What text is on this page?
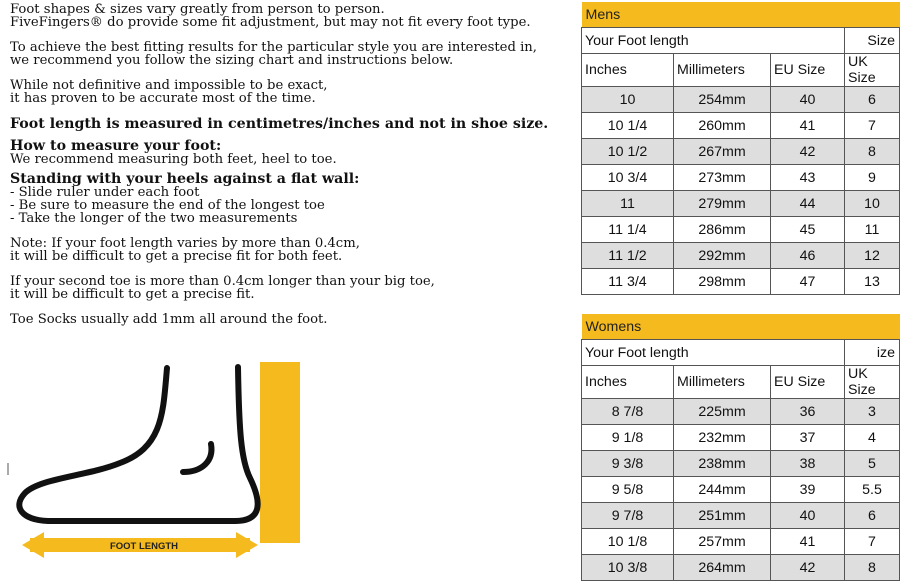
Foot shapes & sizes vary greatly from person to person.

FiveFingers® do provide some fit adjustment, but may not fit every foot type.

To achieve the best fitting results for the particular style you are interested in,

we recommend you follow the sizing chart and instructions below.

While not definitive and impossible to be exact,

it has proven to be accurate most of the time.

Foot length is measured in centimetres/inches and not in shoe size.

How to measure your foot:

We recommend measuring both feet, heel to toe.

Standing with your heels against a flat wall:

- Slide ruler under each foot

- Be sure to measure the end of the longest toe

- Take the longer of the two measurements

Note: If your foot length varies by more than 0.4cm,

it will be difficult to get a precise fit for both feet.

If your second toe is more than 0.4cm longer than your big toe,

it will be difficult to get a precise fit.

Toe Socks usually add 1mm all around the foot.

FOOT LENGTH
Mens			
Your Foot length			Size
Inches	Millimeters	EU Size	UK Size
10	254mm	40	6
10 1/4	260mm	41	7
10 1/2	267mm	42	8
10 3/4	273mm	43	9
11	279mm	44	10
11 1/4	286mm	45	11
11 1/2	292mm	46	12
11 3/4	298mm	47	13
Womens			
Your Foot length			ize
Inches	Millimeters	EU Size	UK Size
8 7/8	225mm	36	3
9 1/8	232mm	37	4
9 3/8	238mm	38	5
9 5/8	244mm	39	5.5
9 7/8	251mm	40	6
10 1/8	257mm	41	7
10 3/8	264mm	42	8
